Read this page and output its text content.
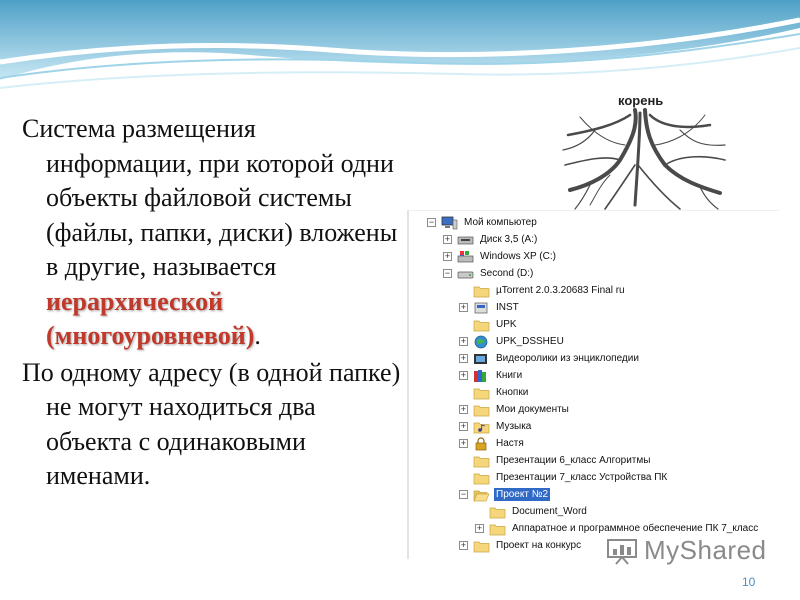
Система размещения информации, при которой одни объекты файловой системы (файлы, папки, диски) вложены в другие, называется иерархической (многоуровневой).

По одному адресу (в одной папке) не могут находиться два объекта с одинаковыми именами.

корень
−	Мой компьютер
+	Диск 3,5 (A:)
+	Windows XP (C:)
−	Second (D:)
µTorrent 2.0.3.20683 Final ru
+	INST
UPK
+	UPK_DSSHEU
+	Видеоролики из энциклопедии
+	Книги
Кнопки
+	Мои документы
+	Музыка
+	Настя
Презентации 6_класс Алгоритмы
Презентации 7_класс Устройства ПК
−	Проект №2
Document_Word
+	Аппаратное и программное обеспечение ПК 7_класс
+	Проект на конкурс MyShared
10
